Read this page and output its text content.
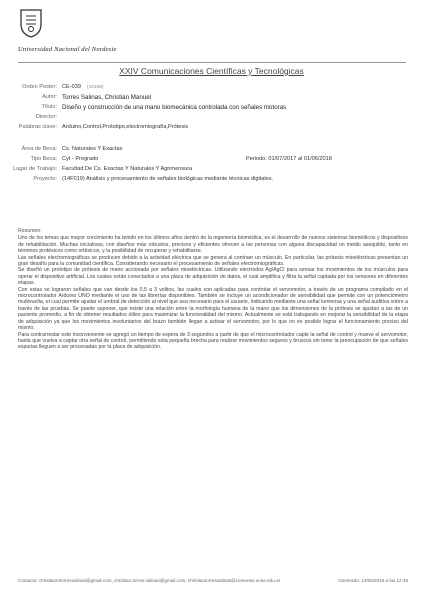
Universidad Nacional del Nordeste
XXIV Comunicaciones Científicas y Tecnológicas
Orden Poster: CE-039 (10109)
Autor: Torres Salinas, Christian Manuel
Título: Diseño y construcción de una mano biomecánica controlada con señales motoras
Director:
Palabras clave: Arduino,Control,Prototipo,electromiografía,Prótesis
Área de Beca: Cs. Naturales Y Exactas
Tipo Beca: Cyt - Pregrado	Periodo: 01/07/2017 al 01/06/2018
Lugar de Trabajo: Facultad De Cs. Exactas Y Naturales Y Agrimensura
Proyecto: (14F019) Análisis y procesamiento de señales biológicas mediante técnicas digitales.

Resumen:

Uno de los temas que mayor crecimiento ha tenido en los últimos años dentro de la ingeniería biomédica, es el desarrollo de nuevos sistemas biomédicos y dispositivos de rehabilitación. Muchas iniciativas, con diseños más robustos, precisos y eficientes ofrecen a las personas con alguna discapacidad un medio asequible, tanto en términos protésicos como ortésicos, y la posibilidad de recuperar y rehabilitarse.

Las señales electromiográficas se producen debido a la actividad eléctrica que se genera al contraer un músculo. En particular, las prótesis mioeléctricas presentan un gran desafío para la comunidad científica. Considerando necesario el procesamiento de señales electromiográficas.

Se diseñó un prototipo de prótesis de mano accionada por señales mioeléctricas. Utilizando electrodos Ag/AgCl para sensar los movimientos de los músculos para operar el dispositivo artificial. Los cuales están conectados a una placa de adquisición de datos, el cual amplifica y filtra la señal captada por los sensores en diferentes etapas.

Con estas se lograron señales que van desde los 0,5 a 3 voltios, las cuales son aplicadas para controlar el servomotor, a través de un programa compilado en el microcontrolador Arduino UNO mediante el uso de las librerías disponibles. También se incluye un acondicionador de sensibilidad que permite con un potenciómetro multivuelta, el cual permite ajustar el umbral de detección al nivel que sea necesario para el usuario, indicando mediante una señal luminosa y una señal auditiva sobre a través de las pruebas. Se puede suponer, que existe una relación entre la morfología humana de la mano que los dimensiones de la prótesis se ajustan a las de un paciente promedio, a fin de obtener resultados útiles para maximizar la funcionalidad del mismo. Actualmente se está trabajando en mejorar la sensibilidad de la etapa de adquisición ya que los movimientos involuntarios del brazo también llegan a activar el servomotor, por lo que no es posible lograr el funcionamiento preciso del mismo.

Para contrarrestar este inconveniente se agregó un tiempo de espera de 3 segundos a partir de que el microcontrolador capte la señal de control y mueve el servomotor, hasta que vuelva a captar otra señal de control, permitiendo esta pequeña brecha para realizar movimientos seguros y bruscos sin tener la preocupación de que señales espurias lleguen a ser procesadas por la placa de adquisición.

Contacto: christianmtorressalinas@gmail.com, christian.torres.salinas@gmail.com, christiantorressalinas@comunes.unne.edu.ar	Generado: 14/06/2019 a las 12:46
